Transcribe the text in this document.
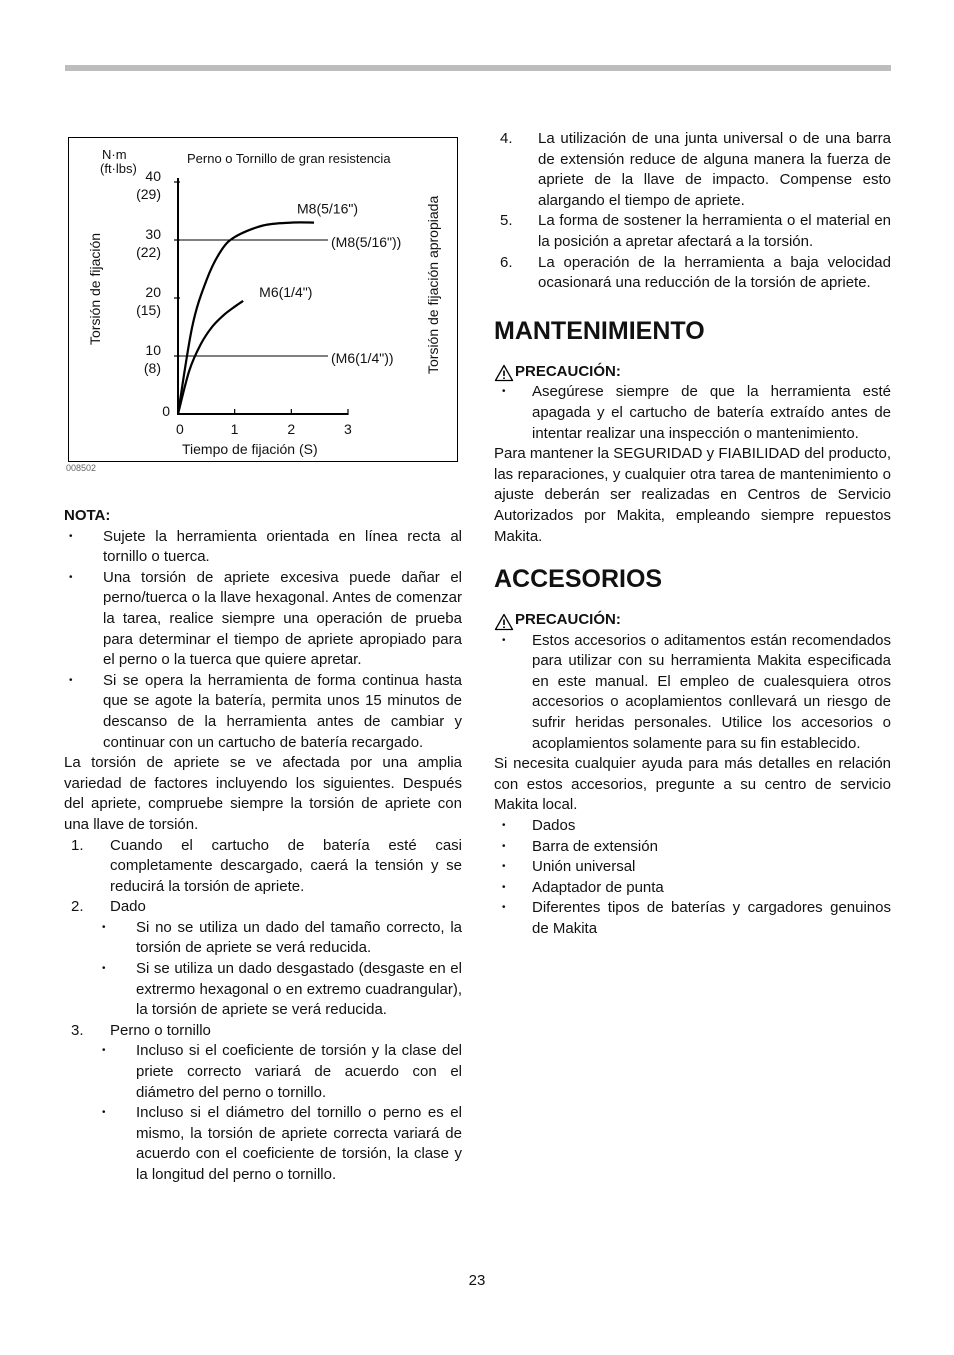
Perno o Tornillo de gran resistencia
N·m
(ft·lbs)
Torsión de fijación	Torsión de fijación apropiada
Tiempo de fijación (S)
0	1	2	3
0
10
(8)
20
(15)
30
(22)
40
(29)
(M8(5/16"))
(M6(1/4"))
M8(5/16")
M6(1/4")
008502
NOTA:
• Sujete la herramienta orientada en línea recta al tornillo o tuerca.
• Una torsión de apriete excesiva puede dañar el perno/tuerca o la llave hexagonal. Antes de comenzar la tarea, realice siempre una operación de prueba para determinar el tiempo de apriete apropiado para el perno o la tuerca que quiere apretar.
• Si se opera la herramienta de forma continua hasta que se agote la batería, permita unos 15 minutos de descanso de la herramienta antes de cambiar y continuar con un cartucho de batería recargado.

La torsión de apriete se ve afectada por una amplia variedad de factores incluyendo los siguientes. Después del apriete, compruebe siempre la torsión de apriete con una llave de torsión.

1. Cuando el cartucho de batería esté casi completamente descargado, caerá la tensión y se reducirá la torsión de apriete.
2. Dado
• Si no se utiliza un dado del tamaño correcto, la torsión de apriete se verá reducida.
• Si se utiliza un dado desgastado (desgaste en el extrermo hexagonal o en extremo cuadrangular), la torsión de apriete se verá reducida.
3. Perno o tornillo
• Incluso si el coeficiente de torsión y la clase del priete correcto variará de acuerdo con el diámetro del perno o tornillo.
• Incluso si el diámetro del tornillo o perno es el mismo, la torsión de apriete correcta variará de acuerdo con el coeficiente de torsión, la clase y la longitud del perno o tornillo.
4. La utilización de una junta universal o de una barra de extensión reduce de alguna manera la fuerza de apriete de la llave de impacto. Compense esto alargando el tiempo de apriete.
5. La forma de sostener la herramienta o el material en la posición a apretar afectará a la torsión.
6. La operación de la herramienta a baja velocidad ocasionará una reducción de la torsión de apriete.
MANTENIMIENTO
PRECAUCIÓN:
• Asegúrese siempre de que la herramienta esté apagada y el cartucho de batería extraído antes de intentar realizar una inspección o mantenimiento.

Para mantener la SEGURIDAD y FIABILIDAD del producto, las reparaciones, y cualquier otra tarea de mantenimiento o ajuste deberán ser realizadas en Centros de Servicio Autorizados por Makita, empleando siempre repuestos Makita.

ACCESORIOS
PRECAUCIÓN:
• Estos accesorios o aditamentos están recomendados para utilizar con su herramienta Makita especificada en este manual. El empleo de cualesquiera otros accesorios o acoplamientos conllevará un riesgo de sufrir heridas personales. Utilice los accesorios o acoplamientos solamente para su fin establecido.

Si necesita cualquier ayuda para más detalles en relación con estos accesorios, pregunte a su centro de servicio Makita local.

• Dados
• Barra de extensión
• Unión universal
• Adaptador de punta
• Diferentes tipos de baterías y cargadores genuinos de Makita
23
